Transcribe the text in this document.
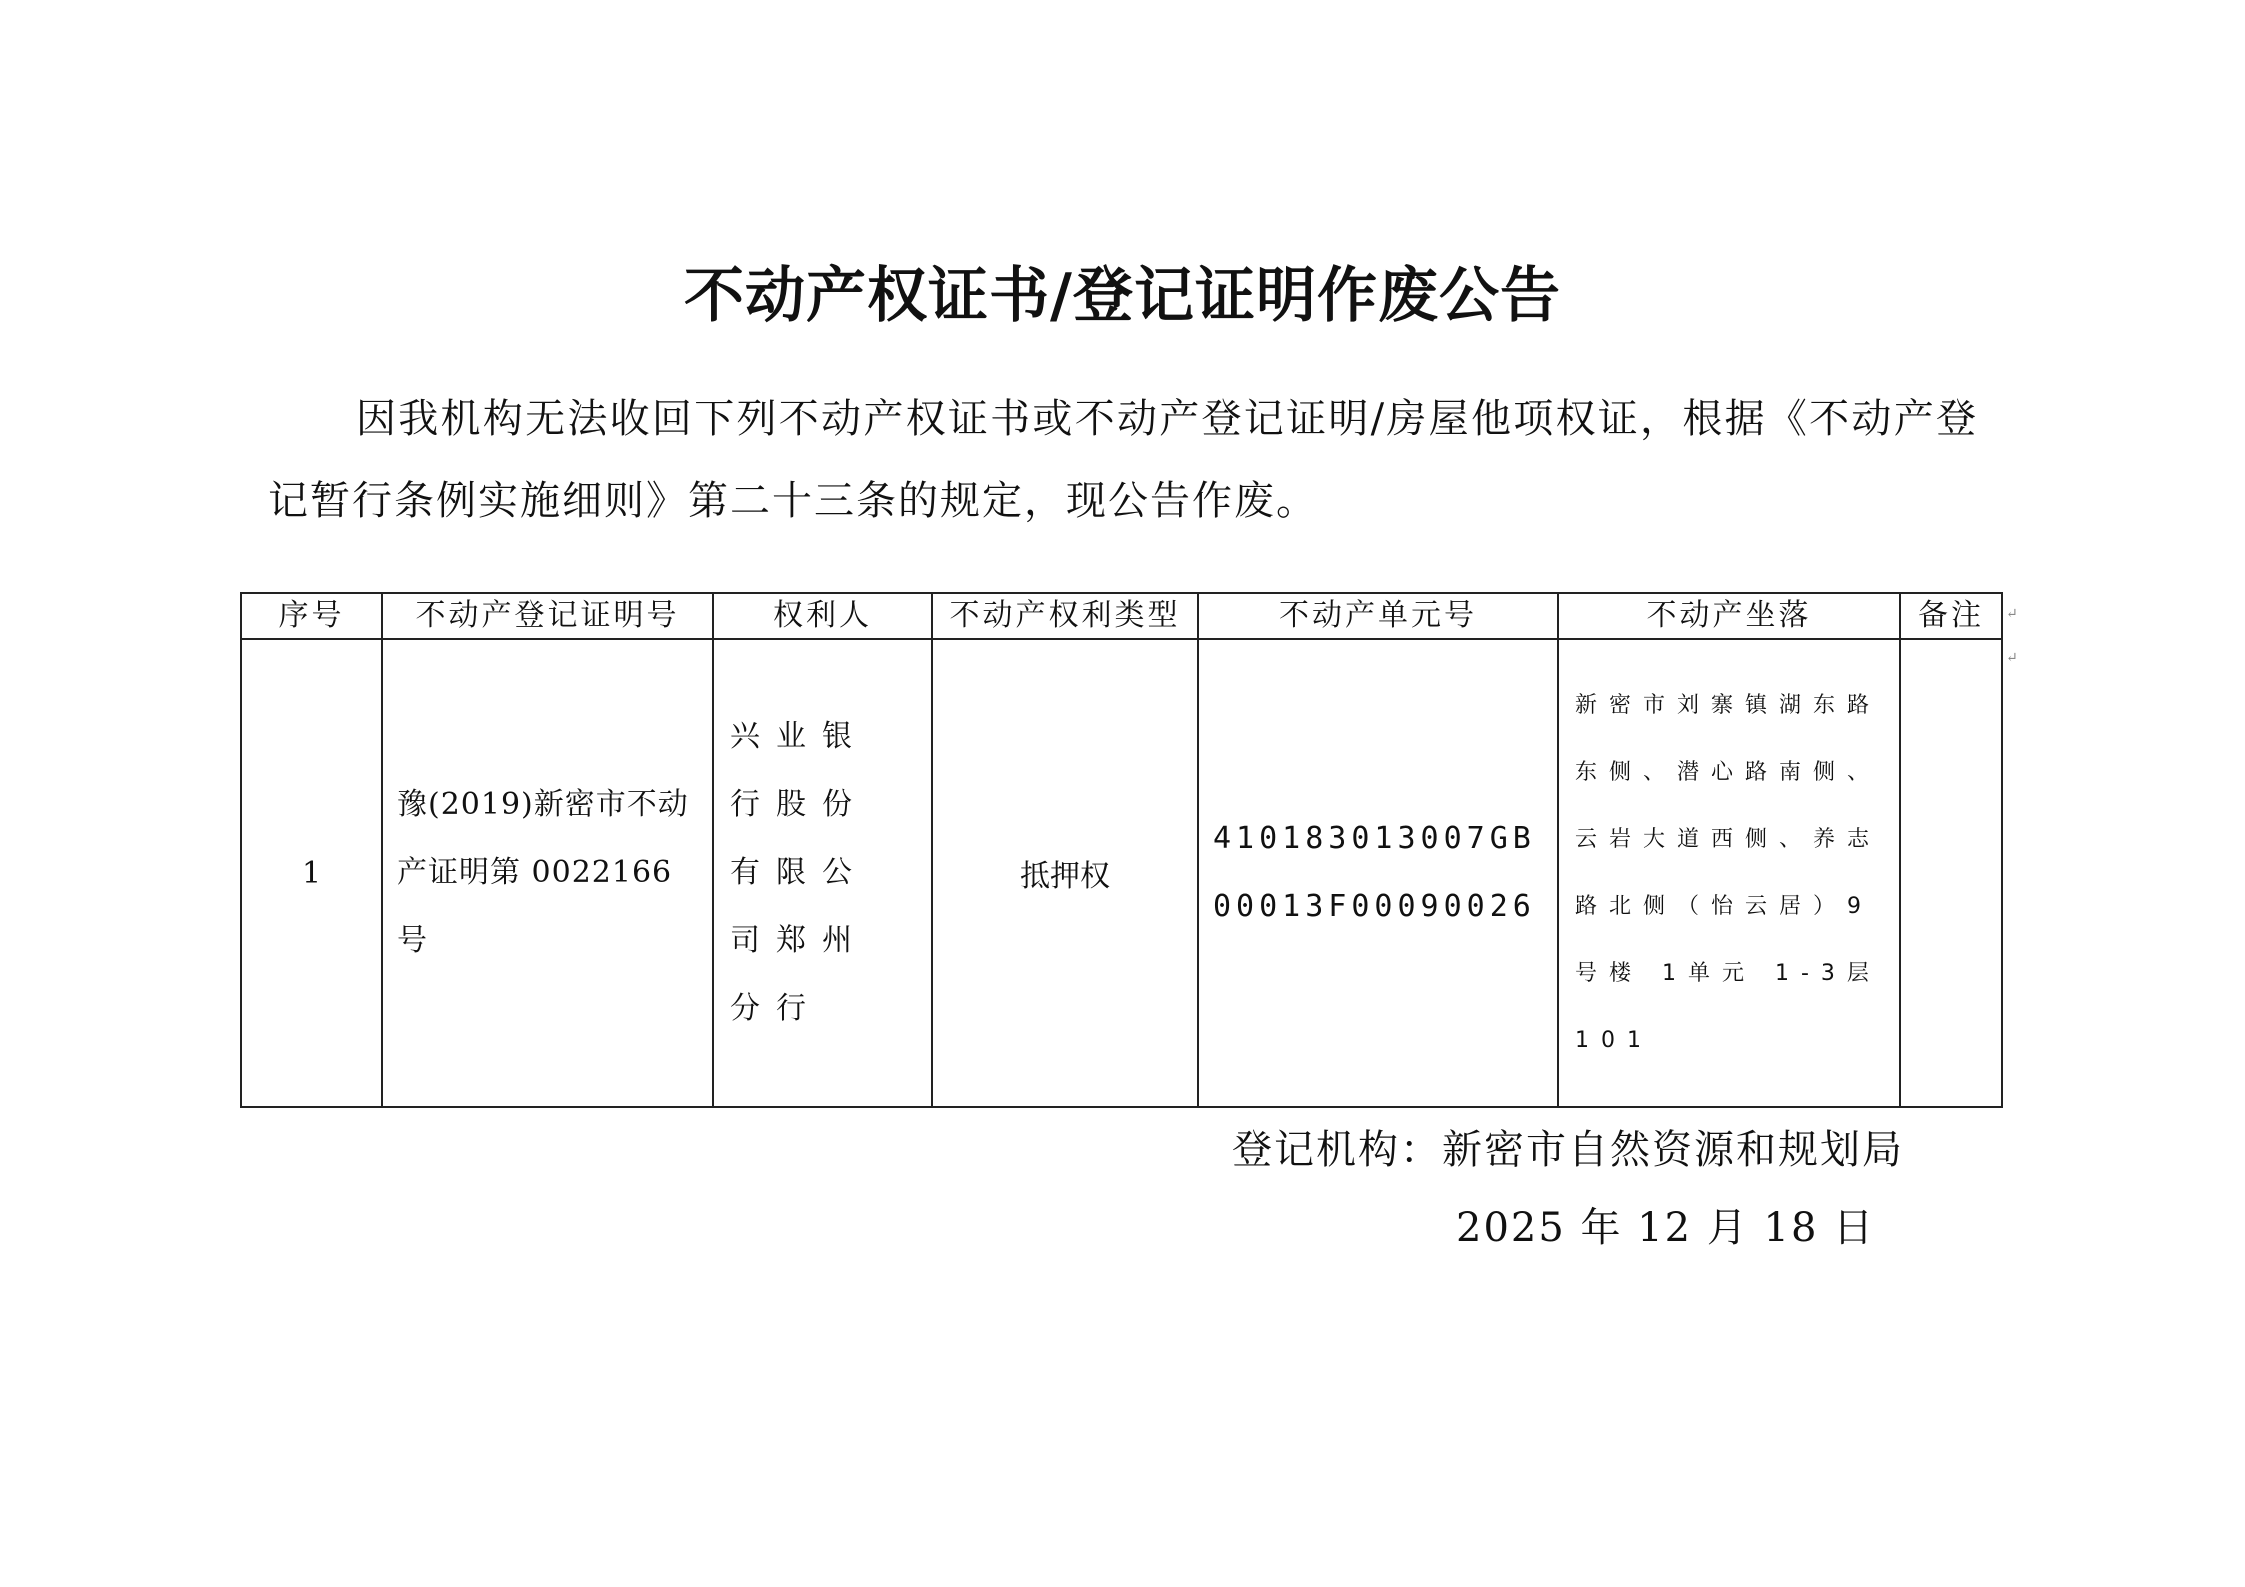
不动产权证书/登记证明作废公告
因我机构无法收回下列不动产权证书或不动产登记证明/房屋他项权证，根据《不动产登记暂行条例实施细则》第二十三条的规定，现公告作废。
序号	不动产登记证明号	权利人	不动产权利类型	不动产单元号	不动产坐落	备注
1	豫(2019)新密市不动产证明第 0022166 号	兴业银行股份有限公司郑州分行	抵押权	410183013007GB00013F00090026	新密市刘寨镇湖东路东侧、潜心路南侧、云岩大道西侧、养志路北侧（怡云居）9号楼 1单元 1-3层 101	
↵
↵
登记机构：新密市自然资源和规划局
2025 年 12 月 18 日
